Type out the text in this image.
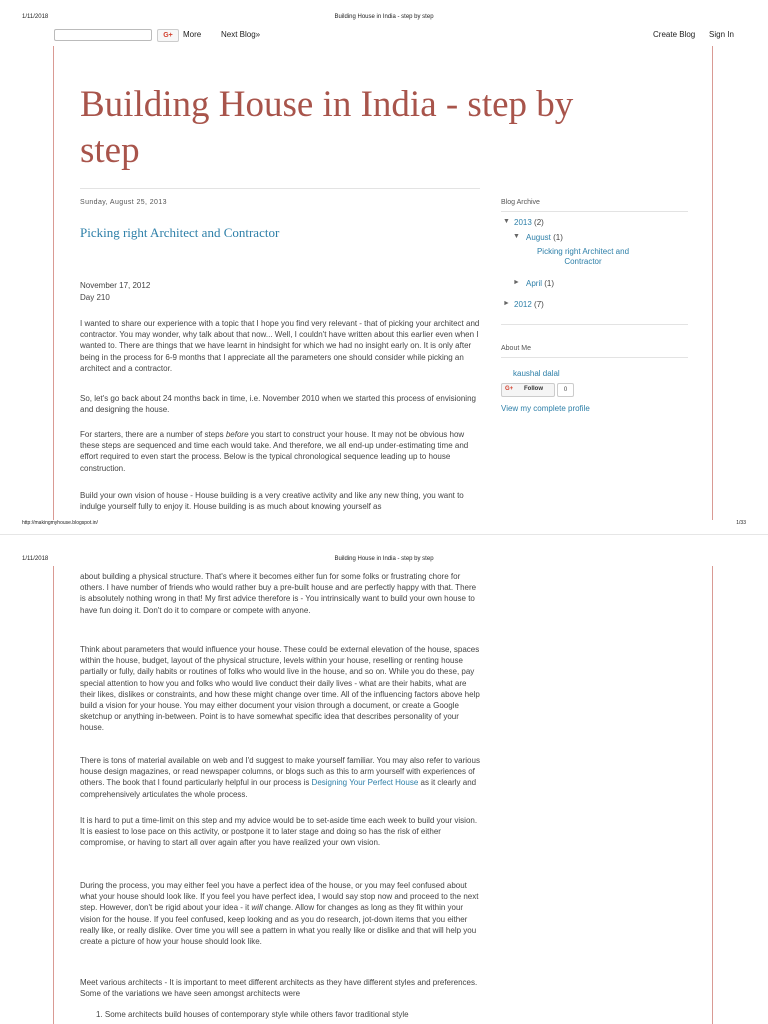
1/11/2018	Building House in India - step by step
G+	More Next Blog»	Create Blog Sign In
Building House in India - step by step
Sunday, August 25, 2013
Picking right Architect and Contractor

November 17, 2012

Day 210

I wanted to share our experience with a topic that I hope you find very relevant - that of picking your architect and contractor. You may wonder, why talk about that now... Well, I couldn't have written about this earlier even when I wanted to. There are things that we have learnt in hindsight for which we had no insight early on. It is only after being in the process for 6-9 months that I appreciate all the parameters one should consider while picking an architect and a contractor.

So, let's go back about 24 months back in time, i.e. November 2010 when we started this process of envisioning and designing the house.

For starters, there are a number of steps before you start to construct your house. It may not be obvious how these steps are sequenced and time each would take. And therefore, we all end-up under-estimating time and effort required to even start the process. Below is the typical chronological sequence leading up to house construction.

Build your own vision of house - House building is a very creative activity and like any new thing, you want to indulge yourself fully to enjoy it. House building is as much about knowing yourself as

Blog Archive
▼ 2013 (2)
▼ August (1)
Picking right Architect and Contractor
► April (1)
► 2012 (7)
About Me
kaushal dalal
G+ Follow	0
View my complete profile
http://makingmyhouse.blogspot.in/	1/33
1/11/2018	Building House in India - step by step

about building a physical structure. That's where it becomes either fun for some folks or frustrating chore for others. I have number of friends who would rather buy a pre-built house and are perfectly happy with that. There is absolutely nothing wrong in that! My first advice therefore is - You intrinsically want to build your own house to have fun doing it. Don't do it to compare or compete with anyone.

Think about parameters that would influence your house. These could be external elevation of the house, spaces within the house, budget, layout of the physical structure, levels within your house, reselling or renting house partially or fully, daily habits or routines of folks who would live in the house, and so on. While you do these, pay special attention to how you and folks who would live conduct their daily lives - what are their habits, what are their likes, dislikes or constraints, and how these might change over time. All of the influencing factors above help build a vision for your house. You may either document your vision through a document, or create a Google sketchup or anything in-between. Point is to have somewhat specific idea that describes personality of your house.

There is tons of material available on web and I'd suggest to make yourself familiar. You may also refer to various house design magazines, or read newspaper columns, or blogs such as this to arm yourself with experiences of others. The book that I found particularly helpful in our process is Designing Your Perfect House as it clearly and comprehensively articulates the whole process.

It is hard to put a time-limit on this step and my advice would be to set-aside time each week to build your vision. It is easiest to lose pace on this activity, or postpone it to later stage and doing so has the risk of either compromise, or having to start all over again after you have realized your own vision.

During the process, you may either feel you have a perfect idea of the house, or you may feel confused about what your house should look like. If you feel you have perfect idea, I would say stop now and proceed to the next step. However, don't be rigid about your idea - it will change. Allow for changes as long as they fit within your vision for the house. If you feel confused, keep looking and as you do research, jot-down items that you either really like, or really dislike. Over time you will see a pattern in what you really like or dislike and that will help you create a picture of how your house should look like.

Meet various architects - It is important to meet different architects as they have different styles and preferences. Some of the variations we have seen amongst architects were

1. Some architects build houses of contemporary style while others favor traditional style
